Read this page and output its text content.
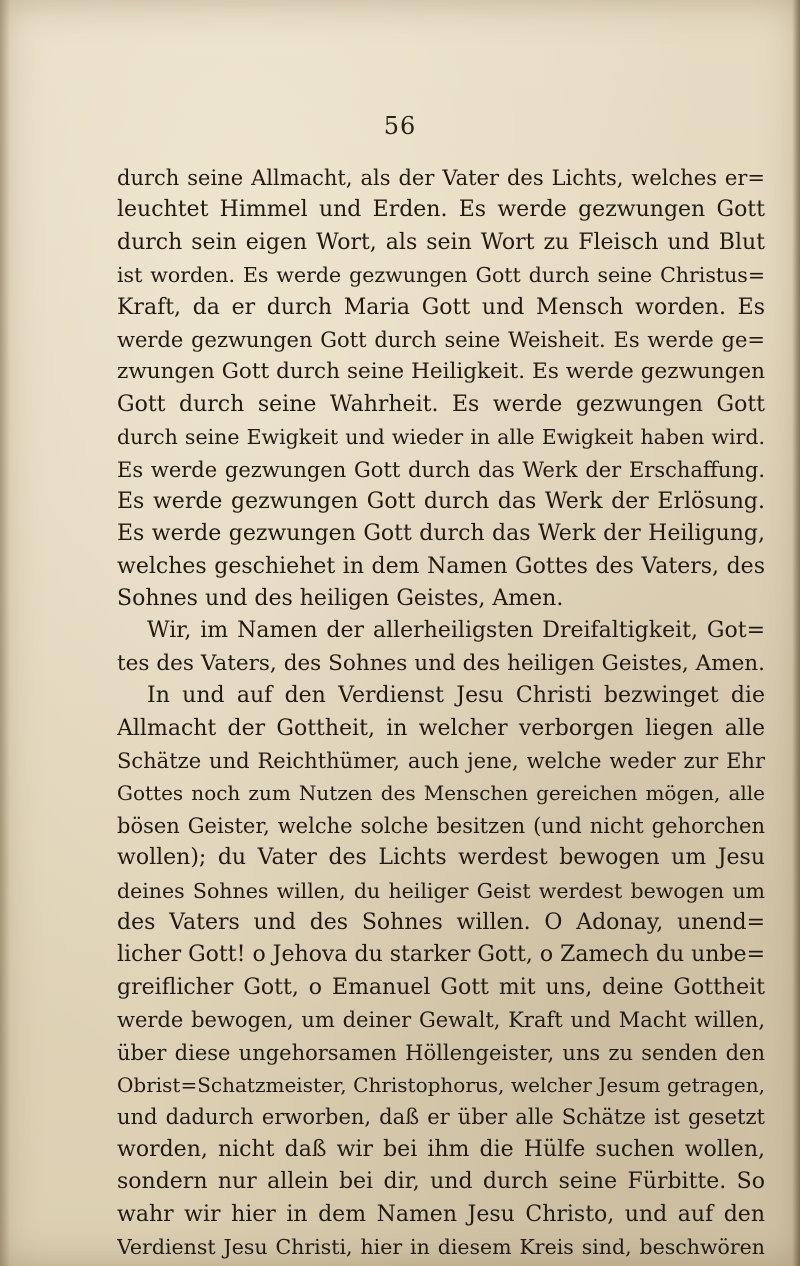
56
durch seine Allmacht, als der Vater des Lichts, welches er=
leuchtet Himmel und Erden. Es werde gezwungen Gott
durch sein eigen Wort, als sein Wort zu Fleisch und Blut
ist worden. Es werde gezwungen Gott durch seine Christus=
Kraft, da er durch Maria Gott und Mensch worden. Es
werde gezwungen Gott durch seine Weisheit. Es werde ge=
zwungen Gott durch seine Heiligkeit. Es werde gezwungen
Gott durch seine Wahrheit. Es werde gezwungen Gott
durch seine Ewigkeit und wieder in alle Ewigkeit haben wird.
Es werde gezwungen Gott durch das Werk der Erschaffung.
Es werde gezwungen Gott durch das Werk der Erlösung.
Es werde gezwungen Gott durch das Werk der Heiligung,
welches geschiehet in dem Namen Gottes des Vaters, des
Sohnes und des heiligen Geistes, Amen.
Wir, im Namen der allerheiligsten Dreifaltigkeit, Got=
tes des Vaters, des Sohnes und des heiligen Geistes, Amen.
In und auf den Verdienst Jesu Christi bezwinget die
Allmacht der Gottheit, in welcher verborgen liegen alle
Schätze und Reichthümer, auch jene, welche weder zur Ehr
Gottes noch zum Nutzen des Menschen gereichen mögen, alle
bösen Geister, welche solche besitzen (und nicht gehorchen
wollen); du Vater des Lichts werdest bewogen um Jesu
deines Sohnes willen, du heiliger Geist werdest bewogen um
des Vaters und des Sohnes willen. O Adonay, unend=
licher Gott! o Jehova du starker Gott, o Zamech du unbe=
greiflicher Gott, o Emanuel Gott mit uns, deine Gottheit
werde bewogen, um deiner Gewalt, Kraft und Macht willen,
über diese ungehorsamen Höllengeister, uns zu senden den
Obrist=Schatzmeister, Christophorus, welcher Jesum getragen,
und dadurch erworben, daß er über alle Schätze ist gesetzt
worden, nicht daß wir bei ihm die Hülfe suchen wollen,
sondern nur allein bei dir, und durch seine Fürbitte. So
wahr wir hier in dem Namen Jesu Christo, und auf den
Verdienst Jesu Christi, hier in diesem Kreis sind, beschwören
